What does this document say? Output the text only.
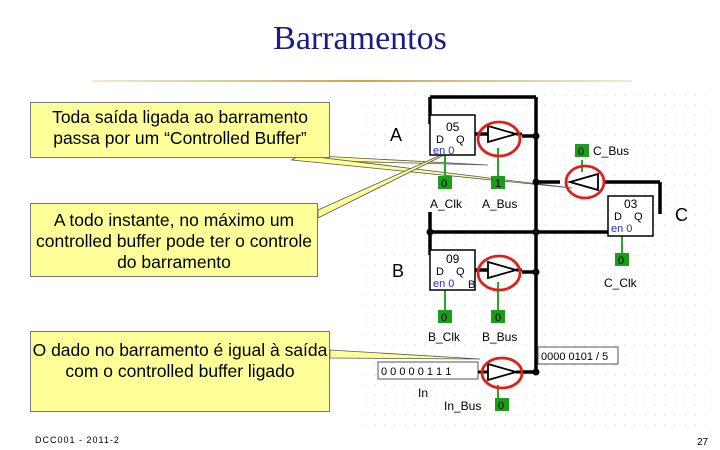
Barramentos
05
D Q
en 0
A
0
A_Clk
1
A_Bus
0 C_Bus
03
D Q
en 0
C
0
C_Clk
09
D Q
en 0 B
B
0
B_Clk
0
B_Bus
0000 0101 / 5
0 0 0 0 0 1 1 1
In
0
In_Bus
Toda saída ligada ao barramento passa por um “Controlled Buffer”
A todo instante, no máximo um controlled buffer pode ter o controle do barramento
O dado no barramento é igual à saída com o controlled buffer ligado
DCC001 - 2011-2	27
